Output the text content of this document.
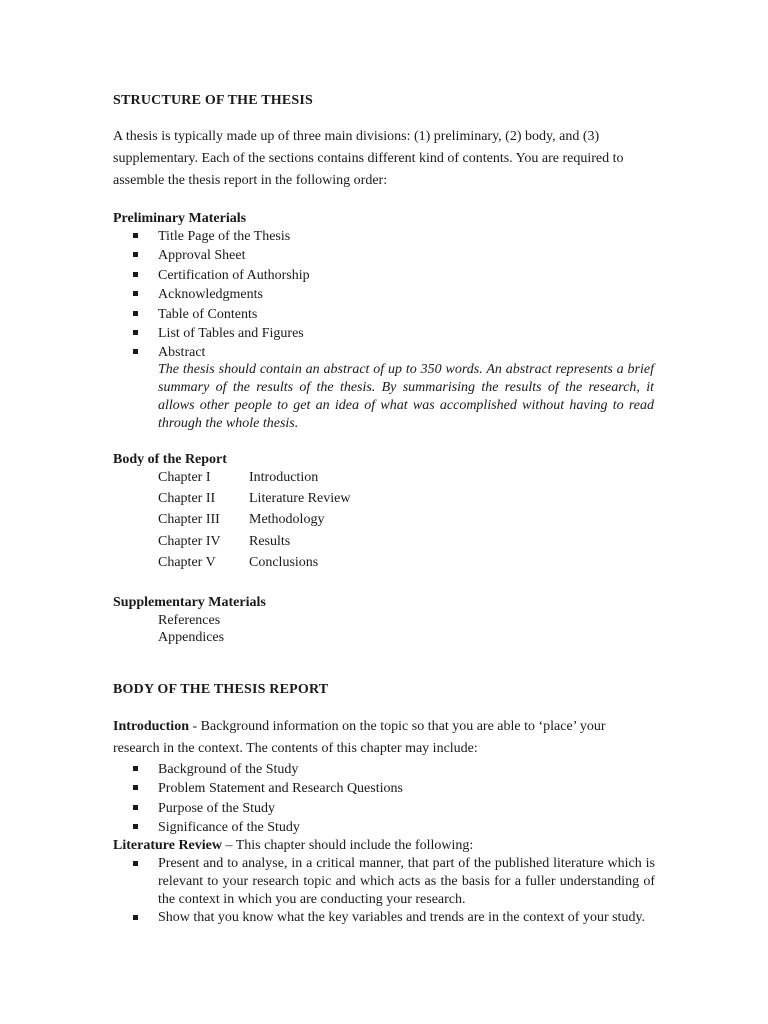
STRUCTURE OF THE THESIS

A thesis is typically made up of three main divisions: (1) preliminary, (2) body, and (3) supplementary. Each of the sections contains different kind of contents. You are required to assemble the thesis report in the following order:

Preliminary Materials
Title Page of the Thesis
Approval Sheet
Certification of Authorship
Acknowledgments
Table of Contents
List of Tables and Figures
Abstract

The thesis should contain an abstract of up to 350 words. An abstract represents a brief summary of the results of the thesis. By summarising the results of the research, it allows other people to get an idea of what was accomplished without having to read through the whole thesis.

Body of the Report
Chapter I	Introduction
Chapter II	Literature Review
Chapter III	Methodology
Chapter IV	Results
Chapter V	Conclusions
Supplementary Materials
References
Appendices
BODY OF THE THESIS REPORT

Introduction - Background information on the topic so that you are able to ‘place’ your research in the context. The contents of this chapter may include:

Background of the Study
Problem Statement and Research Questions
Purpose of the Study
Significance of the Study

Literature Review – This chapter should include the following:

Present and to analyse, in a critical manner, that part of the published literature which is relevant to your research topic and which acts as the basis for a fuller understanding of the context in which you are conducting your research.
Show that you know what the key variables and trends are in the context of your study.
